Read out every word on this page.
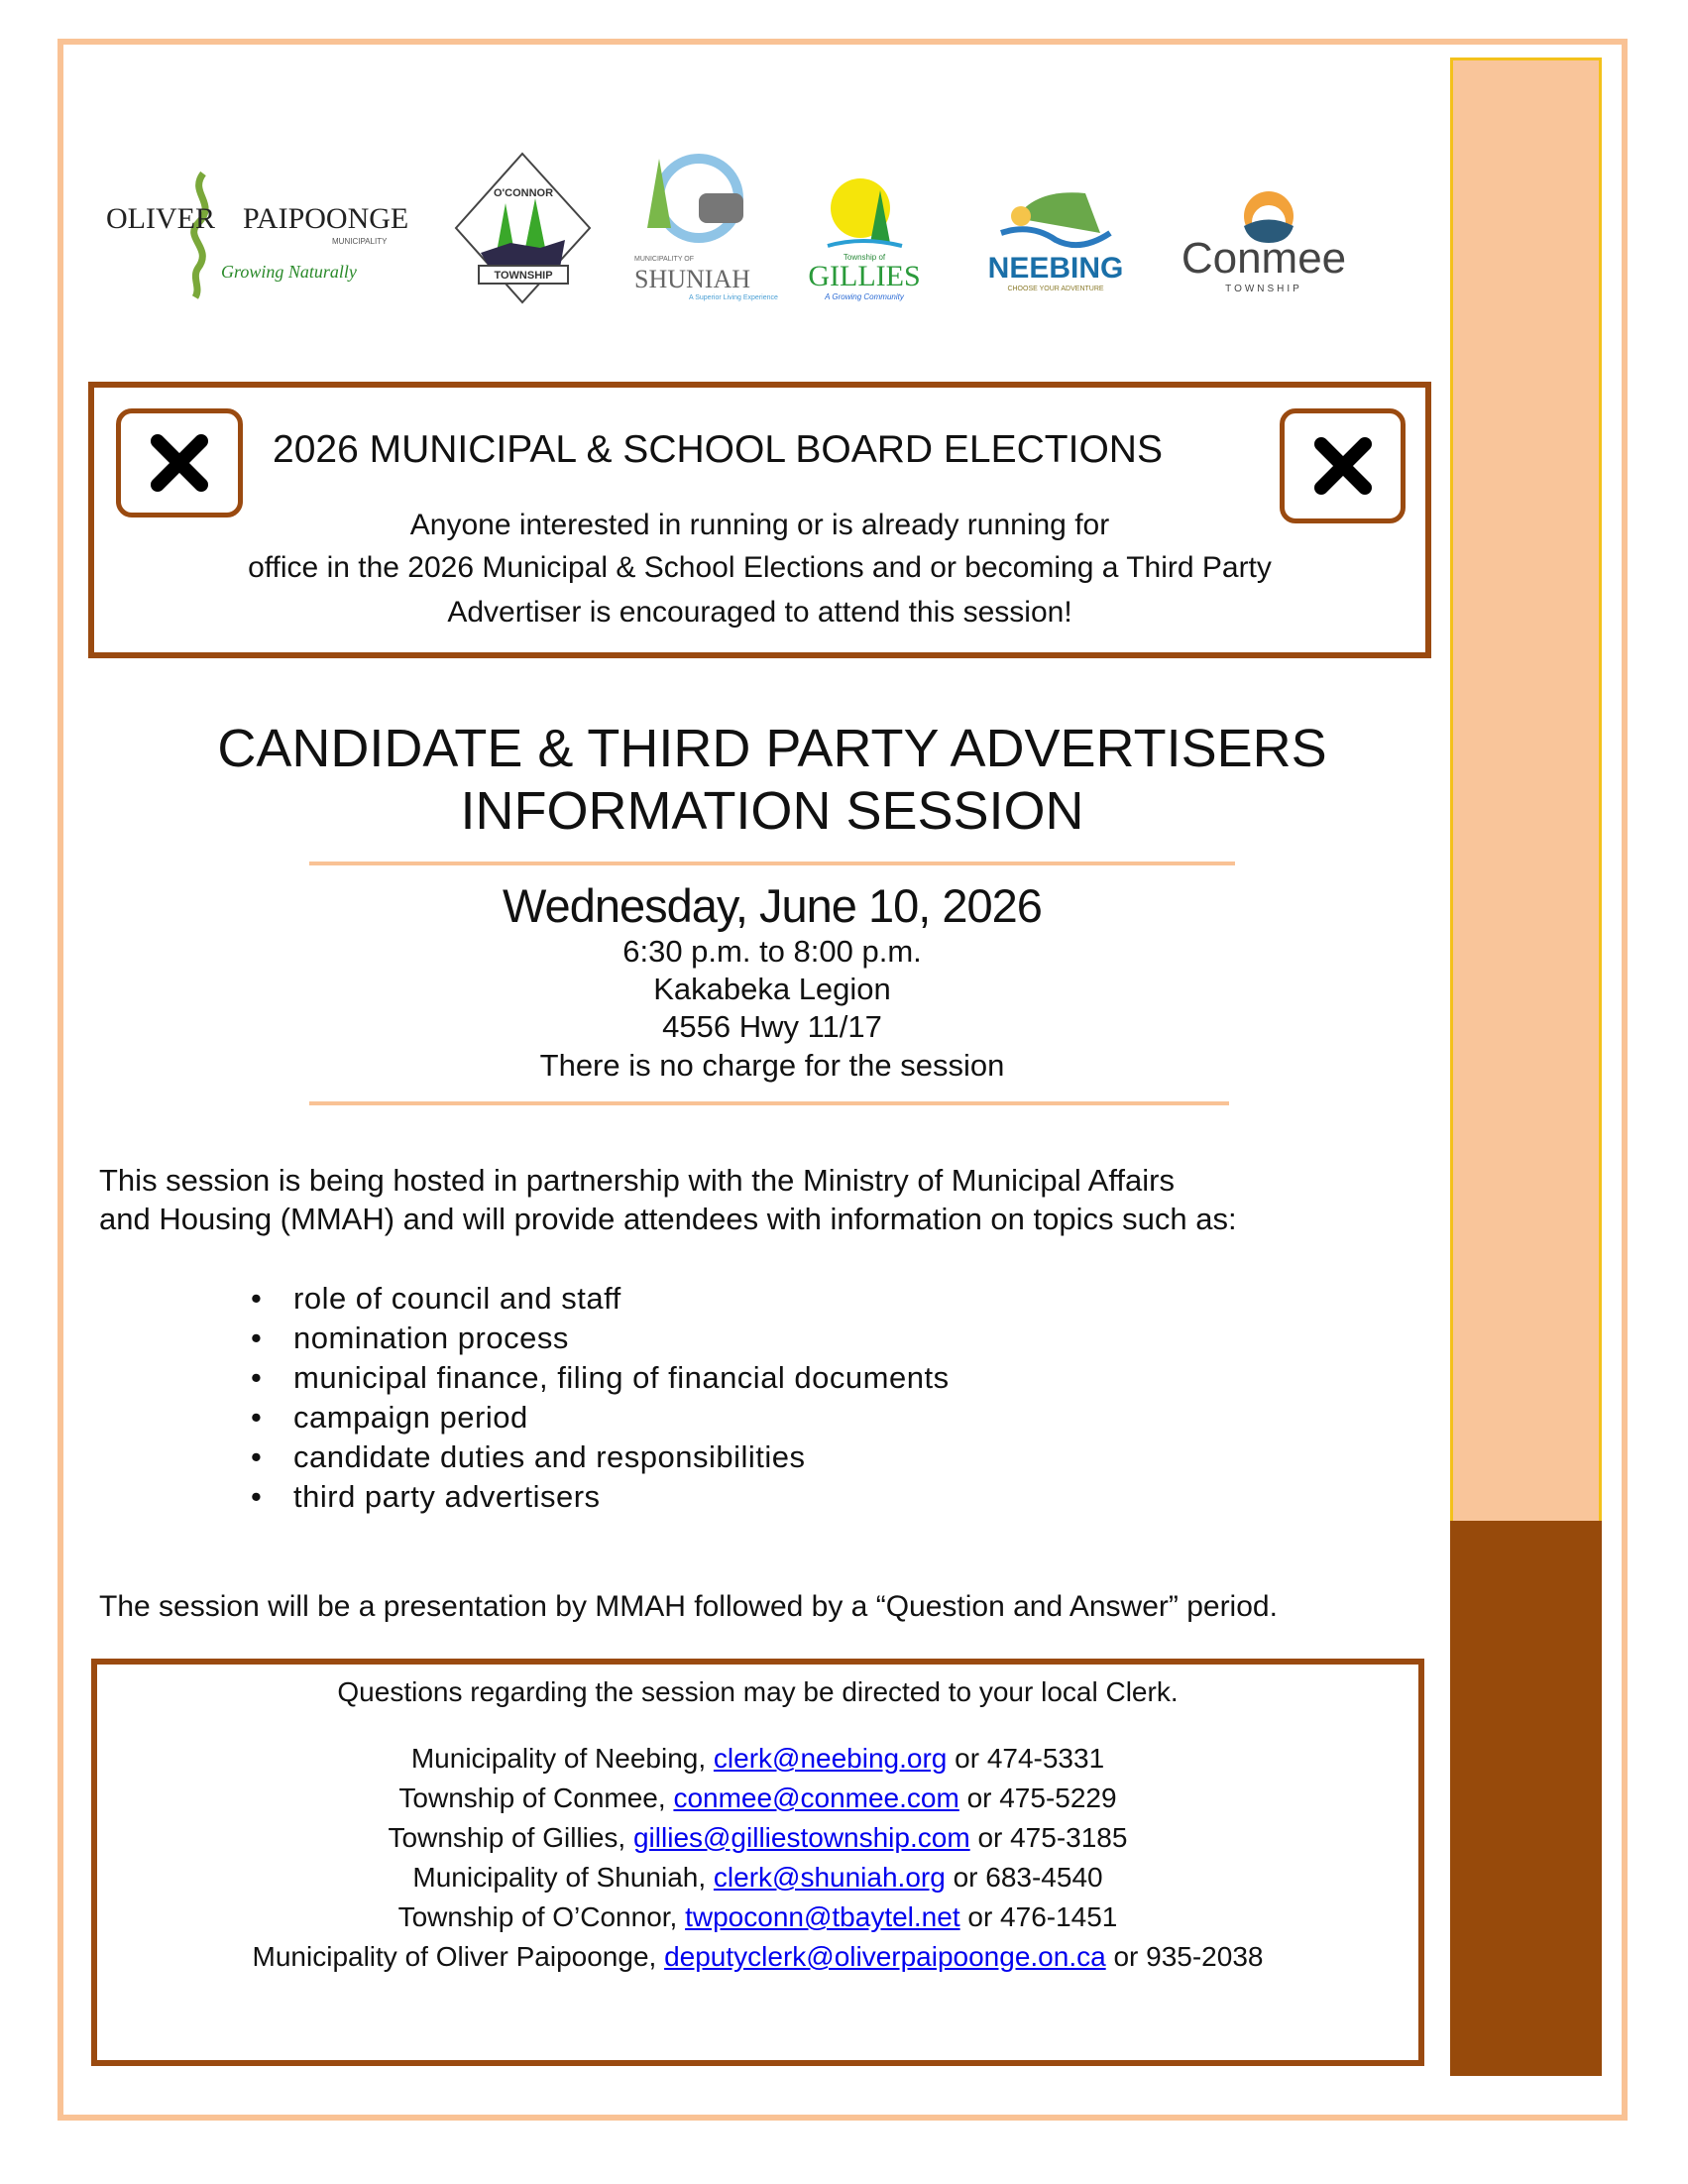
OLIVER PAIPOONGE
MUNICIPALITY
Growing Naturally	TOWNSHIP
O'CONNOR
MUNICIPALITY OF
SHUNIAH
A Superior Living Experience
Township of
GILLIES
A Growing Community
NEEBING
CHOOSE YOUR ADVENTURE
Conmee
TOWNSHIP
2026 MUNICIPAL & SCHOOL BOARD ELECTIONS
Anyone interested in running or is already running for
office in the 2026 Municipal & School Elections and or becoming a Third Party
Advertiser is encouraged to attend this session!
CANDIDATE & THIRD PARTY ADVERTISERS
INFORMATION SESSION
Wednesday, June 10, 2026
6:30 p.m. to 8:00 p.m.
Kakabeka Legion
4556 Hwy 11/17
There is no charge for the session
This session is being hosted in partnership with the Ministry of Municipal Affairs
and Housing (MMAH) and will provide attendees with information on topics such as:
• role of council and staff
• nomination process
• municipal finance, filing of financial documents
• campaign period
• candidate duties and responsibilities
• third party advertisers
The session will be a presentation by MMAH followed by a “Question and Answer” period.
Questions regarding the session may be directed to your local Clerk.
Municipality of Neebing, clerk@neebing.org or 474-5331
Township of Conmee, conmee@conmee.com or 475-5229
Township of Gillies, gillies@gilliestownship.com or 475-3185
Municipality of Shuniah, clerk@shuniah.org or 683-4540
Township of O’Connor, twpoconn@tbaytel.net or 476-1451
Municipality of Oliver Paipoonge, deputyclerk@oliverpaipoonge.on.ca or 935-2038
